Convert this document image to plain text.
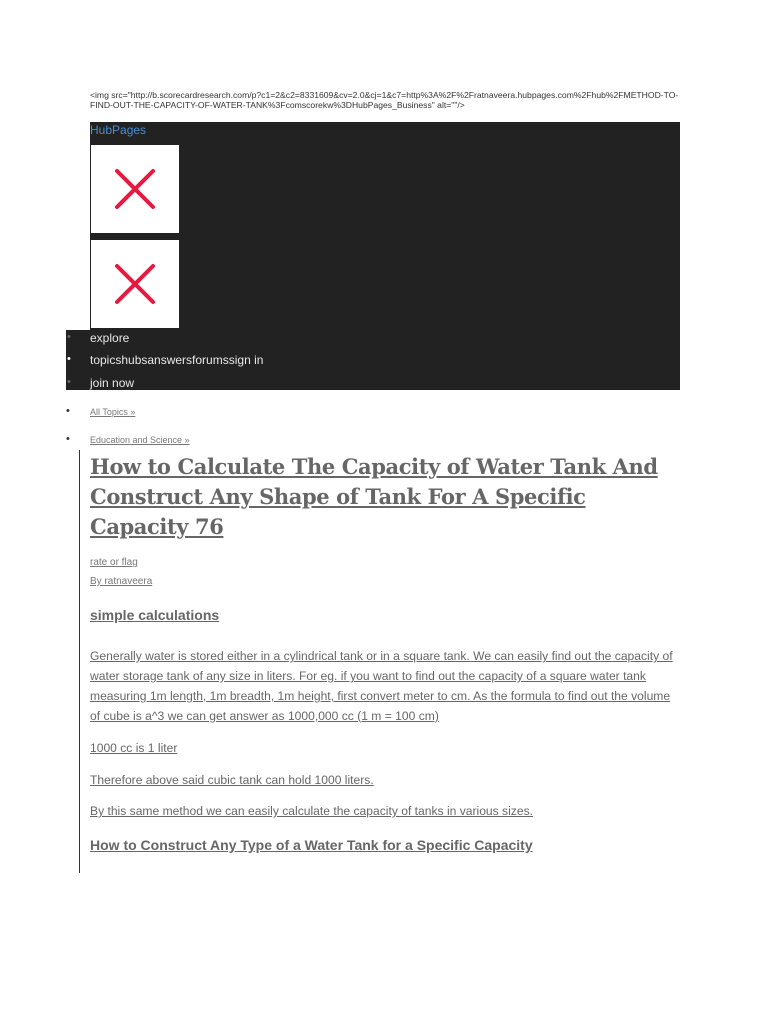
<img src="http://b.scorecardresearch.com/p?c1=2&c2=8331609&cv=2.0&cj=1&c7=http%3A%2F%2Fratnaveera.hubpages.com%2Fhub%2FMETHOD-TO-FIND-OUT-THE-CAPACITY-OF-WATER-TANK%3Fcomscorekw%3DHubPages_Business" alt=""/>
HubPages
• explore
• topicshubsanswersforumssign in
• join now
• All Topics »
• Education and Science »
How to Calculate The Capacity of Water Tank And Construct Any Shape of Tank For A Specific Capacity 76
rate or flag
By ratnaveera
simple calculations

Generally water is stored either in a cylindrical tank or in a square tank. We can easily find out the capacity of water storage tank of any size in liters. For eg. if you want to find out the capacity of a square water tank measuring 1m length, 1m breadth, 1m height, first convert meter to cm. As the formula to find out the volume of cube is a^3 we can get answer as 1000,000 cc (1 m = 100 cm)

1000 cc is 1 liter

Therefore above said cubic tank can hold 1000 liters.

By this same method we can easily calculate the capacity of tanks in various sizes.

How to Construct Any Type of a Water Tank for a Specific Capacity
